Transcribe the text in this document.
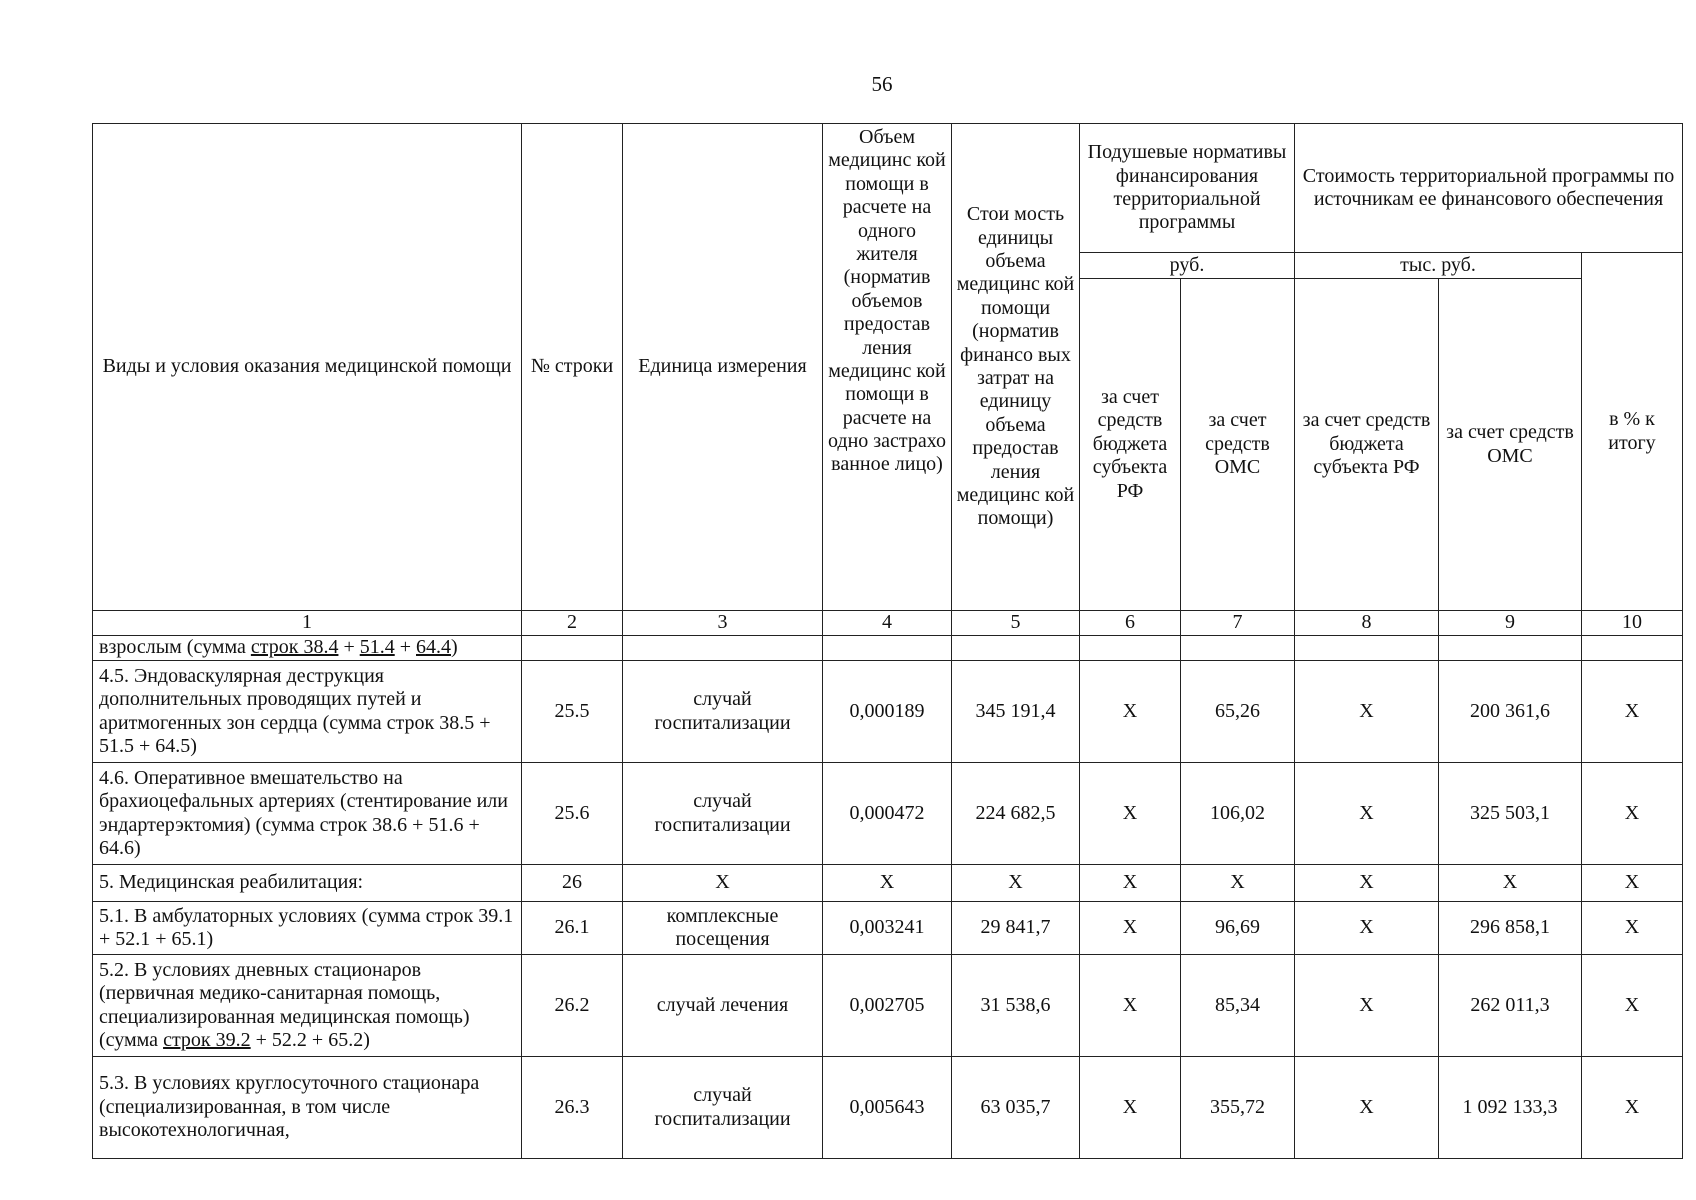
56
Виды и условия оказания медицинской помощи	№ строки	Единица измерения	Объем медицинс кой помощи в расчете на одного жителя (норматив объемов предостав ления медицинс кой помощи в расчете на одно застрахо ванное лицо)	Стои мость единицы объема медицинс кой помощи (норматив финансо вых затрат на единицу объема предостав ления медицинс кой помощи)	Подушевые нормативы финансирования территориальной программы		Стоимость территориальной программы по источникам ее финансового обеспечения		
					руб.		тыс. руб.		в % к итогу
					за счет средств бюджета субъекта РФ	за счет средств ОМС	за счет средств бюджета субъекта РФ	за счет средств ОМС	

1	2	3	4	5	6	7	8	9	10
взрослым (сумма строк 38.4 + 51.4 + 64.4)									
4.5. Эндоваскулярная деструкция дополнительных проводящих путей и аритмогенных зон сердца (сумма строк 38.5 + 51.5 + 64.5)	25.5	случай госпитализации	0,000189	345 191,4	Х	65,26	Х	200 361,6	Х
4.6. Оперативное вмешательство на брахиоцефальных артериях (стентирование или эндартерэктомия) (сумма строк 38.6 + 51.6 + 64.6)	25.6	случай госпитализации	0,000472	224 682,5	Х	106,02	Х	325 503,1	Х
5. Медицинская реабилитация:	26	Х	Х	Х	Х	Х	Х	Х	Х
5.1. В амбулаторных условиях (сумма строк 39.1 + 52.1 + 65.1)	26.1	комплексные посещения	0,003241	29 841,7	Х	96,69	Х	296 858,1	Х
5.2. В условиях дневных стационаров (первичная медико-санитарная помощь, специализированная медицинская помощь) (сумма строк 39.2 + 52.2 + 65.2)	26.2	случай лечения	0,002705	31 538,6	Х	85,34	Х	262 011,3	Х
5.3. В условиях круглосуточного стационара (специализированная, в том числе высокотехнологичная,	26.3	случай госпитализации	0,005643	63 035,7	Х	355,72	Х	1 092 133,3	Х
